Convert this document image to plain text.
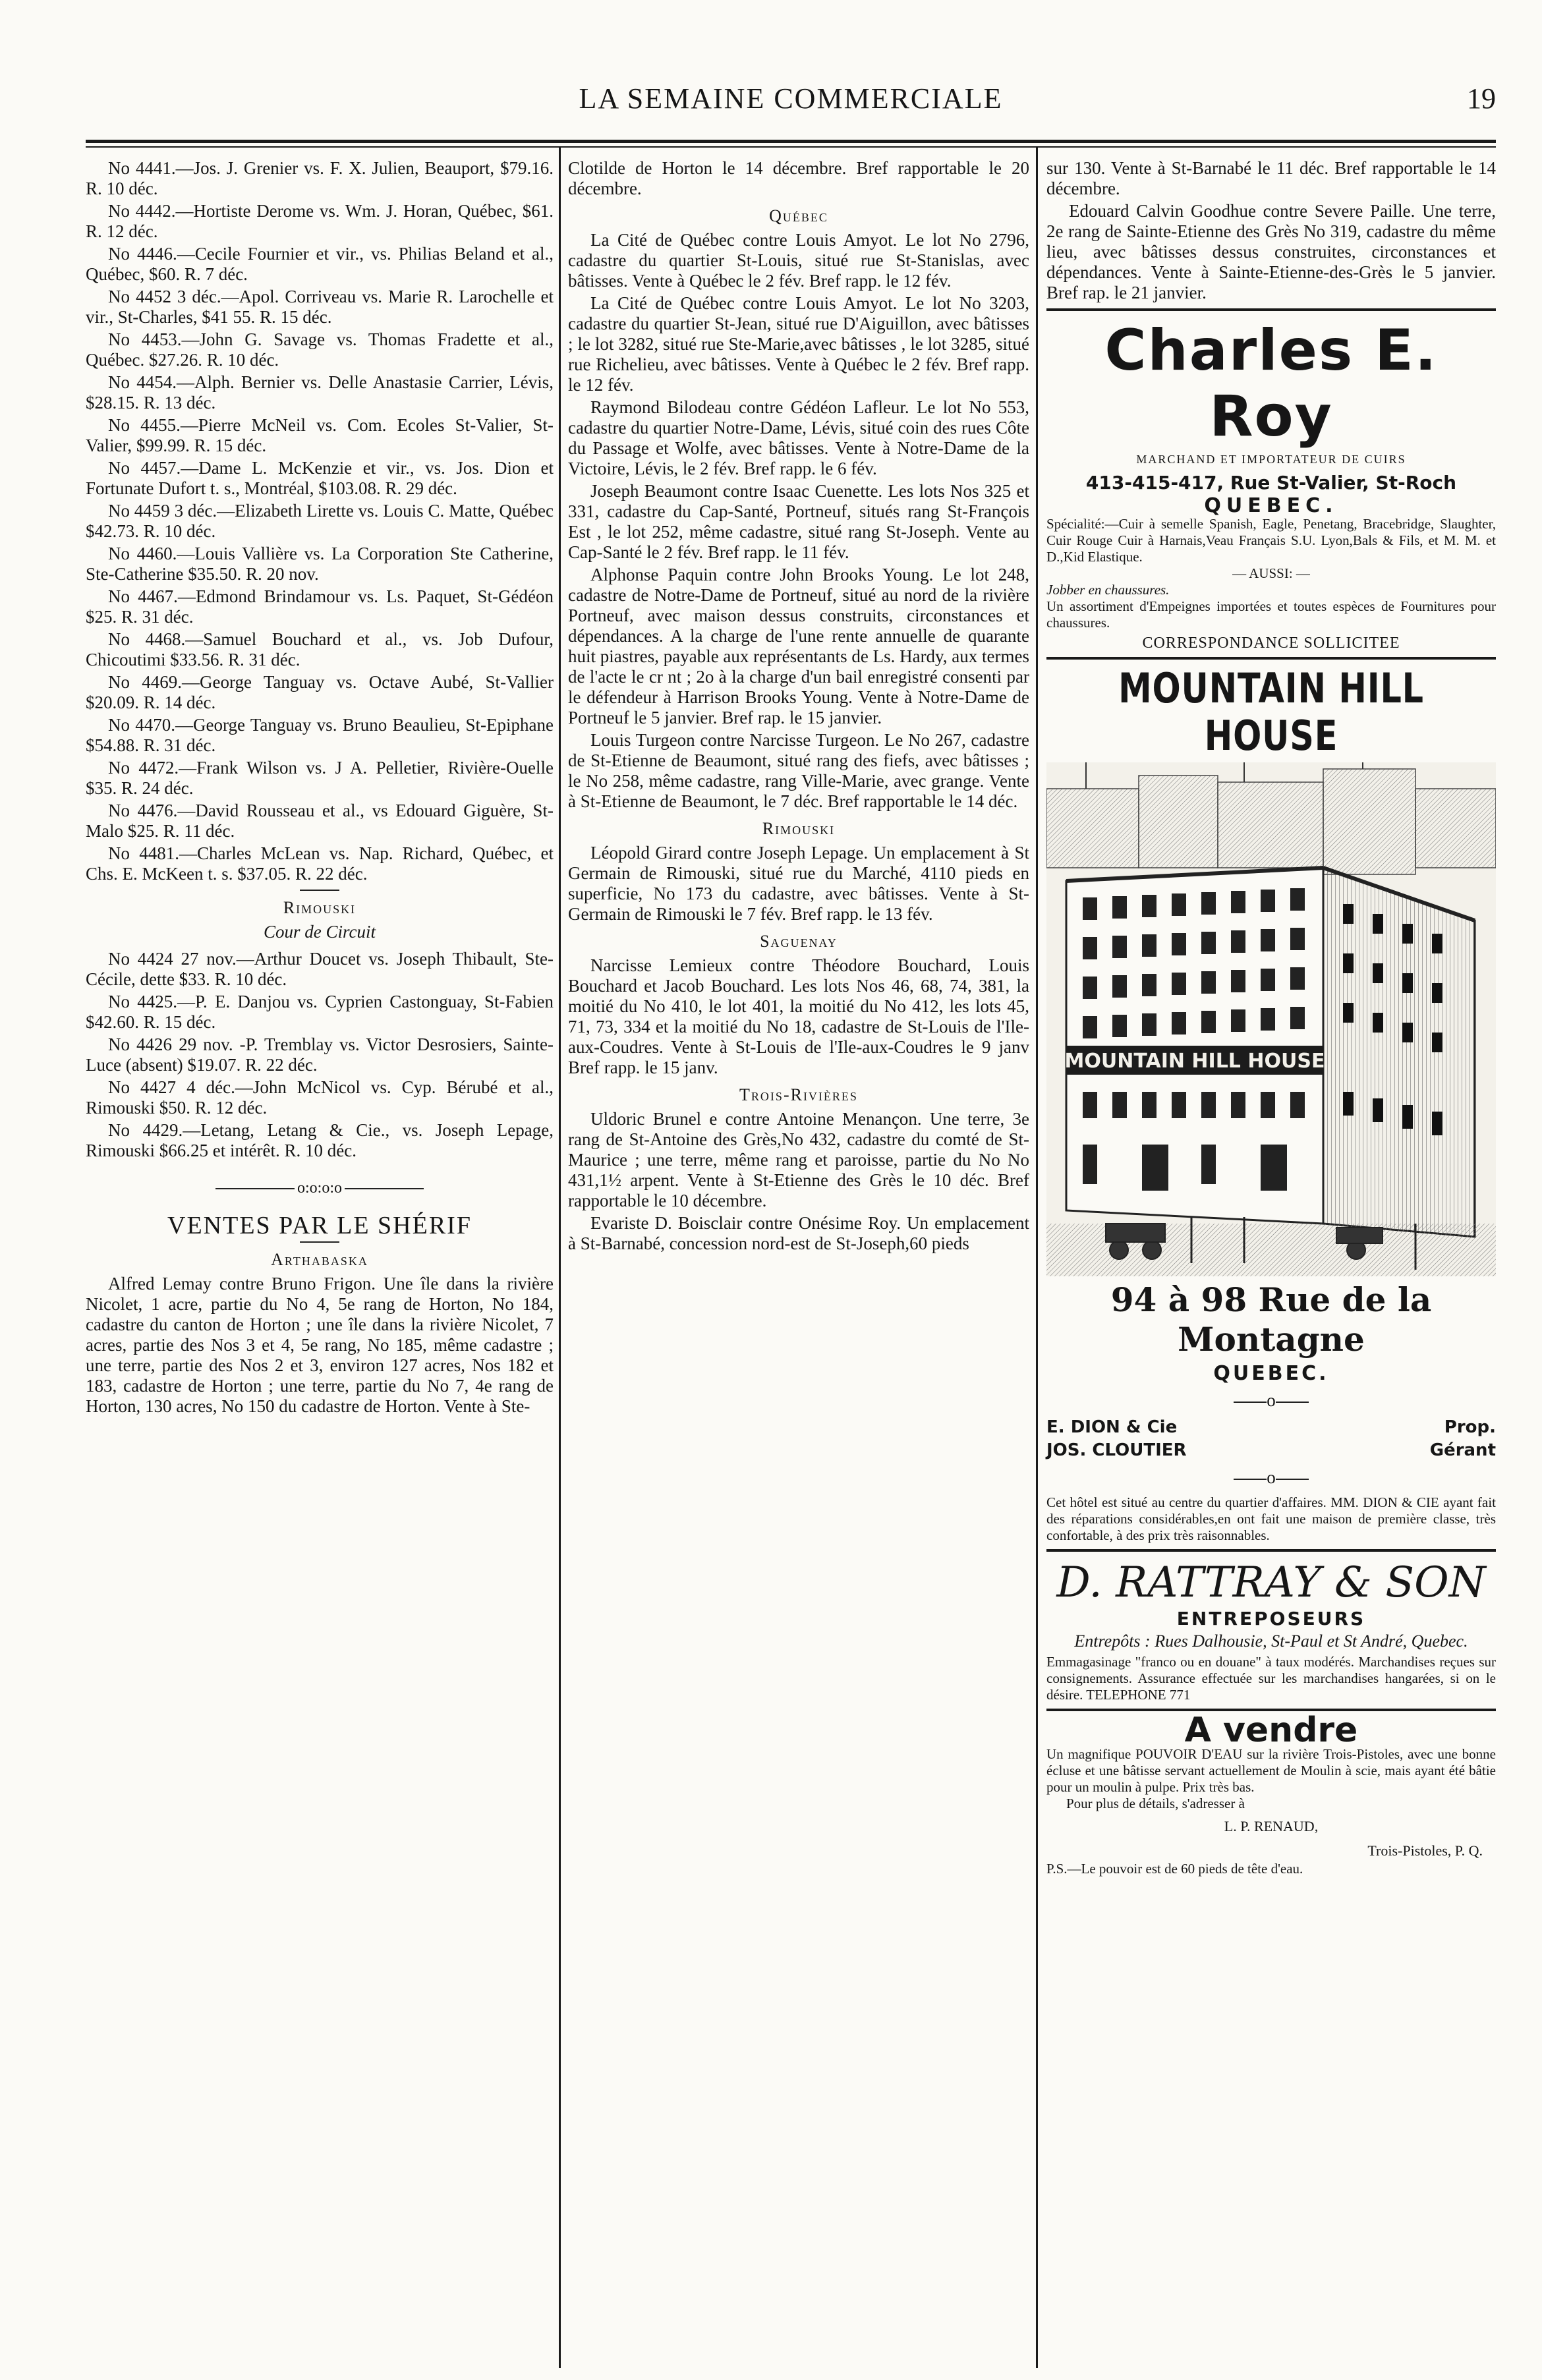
LA SEMAINE COMMERCIALE	19

No 4441.—Jos. J. Grenier vs. F. X. Julien, Beauport, $79.16. R. 10 déc.

No 4442.—Hortiste Derome vs. Wm. J. Horan, Québec, $61. R. 12 déc.

No 4446.—Cecile Fournier et vir., vs. Philias Beland et al., Québec, $60. R. 7 déc.

No 4452 3 déc.—Apol. Corriveau vs. Marie R. Larochelle et vir., St-Charles, $41 55. R. 15 déc.

No 4453.—John G. Savage vs. Thomas Fradette et al., Québec. $27.26. R. 10 déc.

No 4454.—Alph. Bernier vs. Delle Anastasie Carrier, Lévis, $28.15. R. 13 déc.

No 4455.—Pierre McNeil vs. Com. Ecoles St-Valier, St-Valier, $99.99. R. 15 déc.

No 4457.—Dame L. McKenzie et vir., vs. Jos. Dion et Fortunate Dufort t. s., Montréal, $103.08. R. 29 déc.

No 4459 3 déc.—Elizabeth Lirette vs. Louis C. Matte, Québec $42.73. R. 10 déc.

No 4460.—Louis Vallière vs. La Corporation Ste Catherine, Ste-Catherine $35.50. R. 20 nov.

No 4467.—Edmond Brindamour vs. Ls. Paquet, St-Gédéon $25. R. 31 déc.

No 4468.—Samuel Bouchard et al., vs. Job Dufour, Chicoutimi $33.56. R. 31 déc.

No 4469.—George Tanguay vs. Octave Aubé, St-Vallier $20.09. R. 14 déc.

No 4470.—George Tanguay vs. Bruno Beaulieu, St-Epiphane $54.88. R. 31 déc.

No 4472.—Frank Wilson vs. J A. Pelletier, Rivière-Ouelle $35. R. 24 déc.

No 4476.—David Rousseau et al., vs Edouard Giguère, St-Malo $25. R. 11 déc.

No 4481.—Charles McLean vs. Nap. Richard, Québec, et Chs. E. McKeen t. s. $37.05. R. 22 déc.

Rimouski
Cour de Circuit

No 4424 27 nov.—Arthur Doucet vs. Joseph Thibault, Ste-Cécile, dette $33. R. 10 déc.

No 4425.—P. E. Danjou vs. Cyprien Castonguay, St-Fabien $42.60. R. 15 déc.

No 4426 29 nov. -P. Tremblay vs. Victor Desrosiers, Sainte-Luce (absent) $19.07. R. 22 déc.

No 4427 4 déc.—John McNicol vs. Cyp. Bérubé et al., Rimouski $50. R. 12 déc.

No 4429.—Letang, Letang & Cie., vs. Joseph Lepage, Rimouski $66.25 et intérêt. R. 10 déc.

o:o:o:o
VENTES PAR LE SHÉRIF
Arthabaska

Alfred Lemay contre Bruno Frigon. Une île dans la rivière Nicolet, 1 acre, partie du No 4, 5e rang de Horton, No 184, cadastre du canton de Horton ; une île dans la rivière Nicolet, 7 acres, partie des Nos 3 et 4, 5e rang, No 185, même cadastre ; une terre, partie des Nos 2 et 3, environ 127 acres, Nos 182 et 183, cadastre de Horton ; une terre, partie du No 7, 4e rang de Horton, 130 acres, No 150 du cadastre de Horton. Vente à Ste-

Clotilde de Horton le 14 décembre. Bref rapportable le 20 décembre.

Québec

La Cité de Québec contre Louis Amyot. Le lot No 2796, cadastre du quartier St-Louis, situé rue St-Stanislas, avec bâtisses. Vente à Québec le 2 fév. Bref rapp. le 12 fév.

La Cité de Québec contre Louis Amyot. Le lot No 3203, cadastre du quartier St-Jean, situé rue D'Aiguillon, avec bâtisses ; le lot 3282, situé rue Ste-Marie,avec bâtisses , le lot 3285, situé rue Richelieu, avec bâtisses. Vente à Québec le 2 fév. Bref rapp. le 12 fév.

Raymond Bilodeau contre Gédéon Lafleur. Le lot No 553, cadastre du quartier Notre-Dame, Lévis, situé coin des rues Côte du Passage et Wolfe, avec bâtisses. Vente à Notre-Dame de la Victoire, Lévis, le 2 fév. Bref rapp. le 6 fév.

Joseph Beaumont contre Isaac Cuenette. Les lots Nos 325 et 331, cadastre du Cap-Santé, Portneuf, situés rang St-François Est , le lot 252, même cadastre, situé rang St-Joseph. Vente au Cap-Santé le 2 fév. Bref rapp. le 11 fév.

Alphonse Paquin contre John Brooks Young. Le lot 248, cadastre de Notre-Dame de Portneuf, situé au nord de la rivière Portneuf, avec maison dessus construits, circonstances et dépendances. A la charge de l'une rente annuelle de quarante huit piastres, payable aux représentants de Ls. Hardy, aux termes de l'acte le cr nt ; 2o à la charge d'un bail enregistré consenti par le défendeur à Harrison Brooks Young. Vente à Notre-Dame de Portneuf le 5 janvier. Bref rap. le 15 janvier.

Louis Turgeon contre Narcisse Turgeon. Le No 267, cadastre de St-Etienne de Beaumont, situé rang des fiefs, avec bâtisses ; le No 258, même cadastre, rang Ville-Marie, avec grange. Vente à St-Etienne de Beaumont, le 7 déc. Bref rapportable le 14 déc.

Rimouski

Léopold Girard contre Joseph Lepage. Un emplacement à St Germain de Rimouski, situé rue du Marché, 4110 pieds en superficie, No 173 du cadastre, avec bâtisses. Vente à St-Germain de Rimouski le 7 fév. Bref rapp. le 13 fév.

Saguenay

Narcisse Lemieux contre Théodore Bouchard, Louis Bouchard et Jacob Bouchard. Les lots Nos 46, 68, 74, 381, la moitié du No 410, le lot 401, la moitié du No 412, les lots 45, 71, 73, 334 et la moitié du No 18, cadastre de St-Louis de l'Ile-aux-Coudres. Vente à St-Louis de l'Ile-aux-Coudres le 9 janv Bref rapp. le 15 janv.

Trois-Rivières

Uldoric Brunel e contre Antoine Menançon. Une terre, 3e rang de St-Antoine des Grès,No 432, cadastre du comté de St-Maurice ; une terre, même rang et paroisse, partie du No No 431,1½ arpent. Vente à St-Etienne des Grès le 10 déc. Bref rapportable le 10 décembre.

Evariste D. Boisclair contre Onésime Roy. Un emplacement à St-Barnabé, concession nord-est de St-Joseph,60 pieds

sur 130. Vente à St-Barnabé le 11 déc. Bref rapportable le 14 décembre.

Edouard Calvin Goodhue contre Severe Paille. Une terre, 2e rang de Sainte-Etienne des Grès No 319, cadastre du même lieu, avec bâtisses dessus construites, circonstances et dépendances. Vente à Sainte-Etienne-des-Grès le 5 janvier. Bref rap. le 21 janvier.

Charles E. Roy
MARCHAND ET IMPORTATEUR DE CUIRS
413-415-417, Rue St-Valier, St-Roch
QUEBEC.
Spécialité:—Cuir à semelle Spanish, Eagle, Penetang, Bracebridge, Slaughter, Cuir Rouge Cuir à Harnais,Veau Français S.U. Lyon,Bals & Fils, et M. M. et D.,Kid Elastique.
— AUSSI: —
Jobber en chaussures.
Un assortiment d'Empeignes importées et toutes espèces de Fournitures pour chaussures.
CORRESPONDANCE SOLLICITEE
MOUNTAIN HILL HOUSE
MOUNTAIN HILL HOUSE
94 à 98 Rue de la Montagne
QUEBEC.
o
E. DION & Cie	Prop.
JOS. CLOUTIER	Gérant
o
Cet hôtel est situé au centre du quartier d'affaires. MM. DION & CIE ayant fait des réparations considérables,en ont fait une maison de première classe, très confortable, à des prix très raisonnables.
D. RATTRAY & SON
ENTREPOSEURS
Entrepôts : Rues Dalhousie, St-Paul et St André, Quebec.
Emmagasinage "franco ou en douane" à taux modérés. Marchandises reçues sur consignements. Assurance effectuée sur les marchandises hangarées, si on le désire. TELEPHONE 771
A vendre
Un magnifique POUVOIR D'EAU sur la rivière Trois-Pistoles, avec une bonne écluse et une bâtisse servant actuellement de Moulin à scie, mais ayant été bâtie pour un moulin à pulpe. Prix très bas.
Pour plus de détails, s'adresser à
L. P. RENAUD,
Trois-Pistoles, P. Q.
P.S.—Le pouvoir est de 60 pieds de tête d'eau.
